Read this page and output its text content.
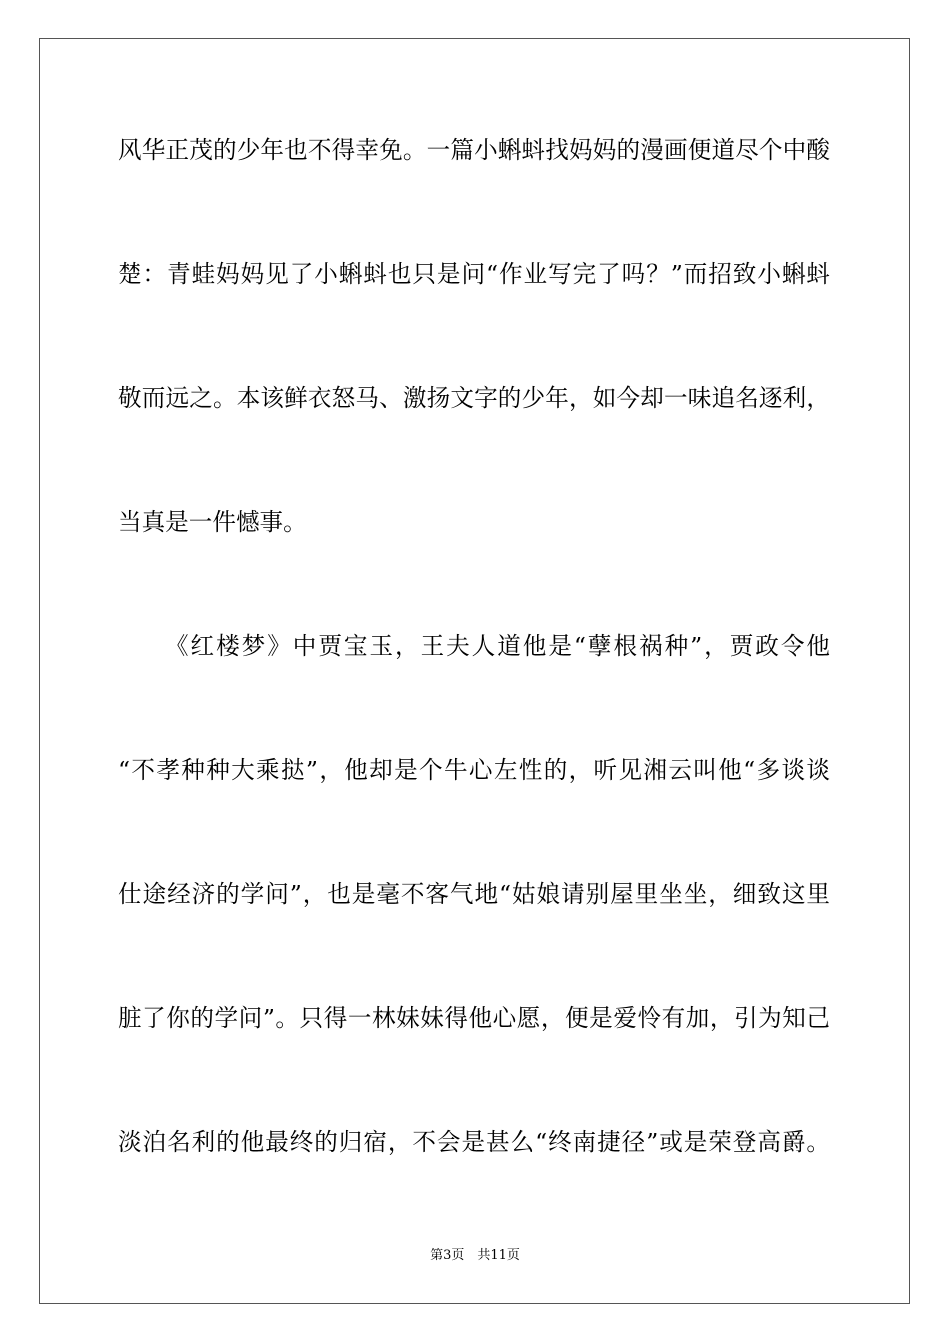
风华正茂的少年也不得幸免。一篇小蝌蚪找妈妈的漫画便道尽个中酸
楚：青蛙妈妈见了小蝌蚪也只是问“作业写完了吗？”而招致小蝌蚪
敬而远之。本该鲜衣怒马、激扬文字的少年，如今却一味追名逐利，
当真是一件憾事。
《红楼梦》中贾宝玉，王夫人道他是“孽根祸种”，贾政令他
“不孝种种大乘挞”，他却是个牛心左性的，听见湘云叫他“多谈谈
仕途经济的学问”，也是毫不客气地“姑娘请别屋里坐坐，细致这里
脏了你的学问”。只得一林妹妹得他心愿，便是爱怜有加，引为知己
淡泊名利的他最终的归宿，不会是甚么“终南捷径”或是荣登高爵。
第3页　共11页
